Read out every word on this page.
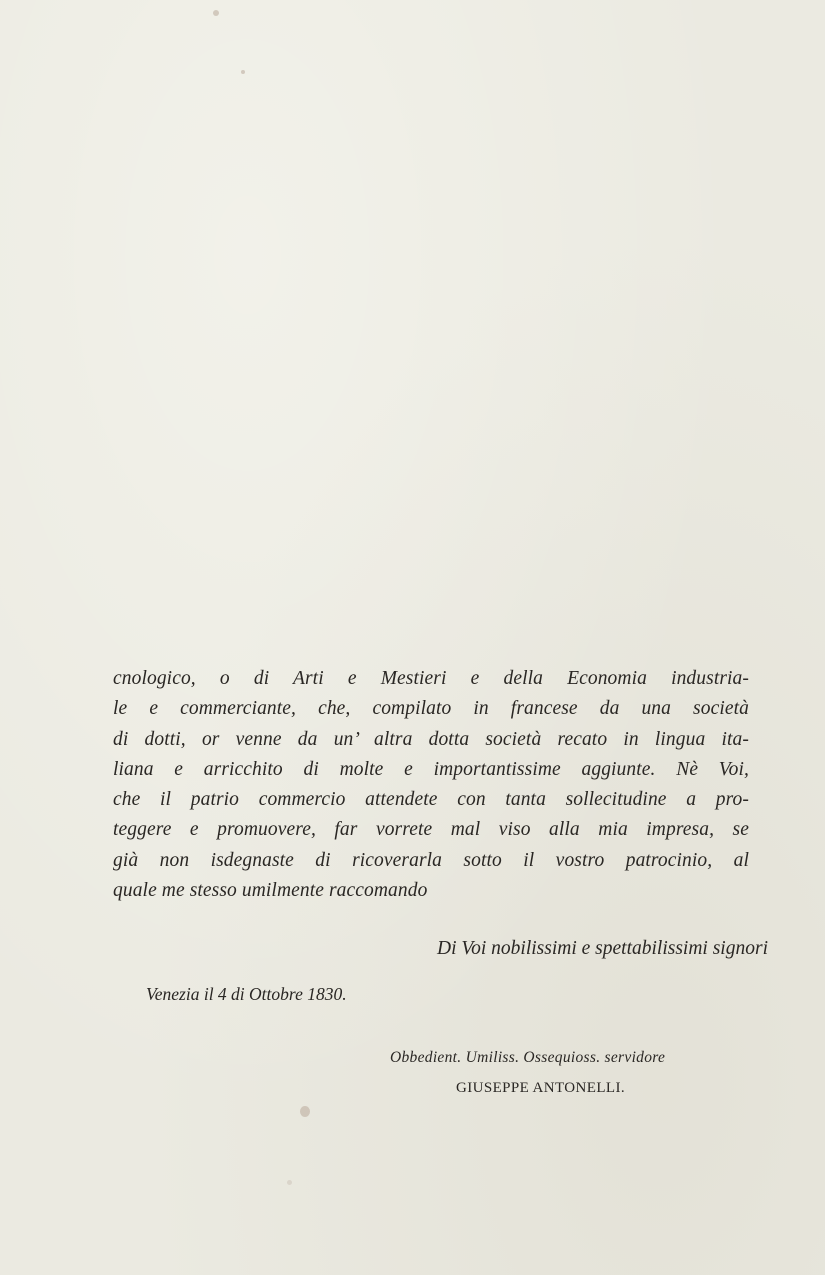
cnologico, o di Arti e Mestieri e della Economia industria-
le e commerciante, che, compilato in francese da una società
di dotti, or venne da un’ altra dotta società recato in lingua ita-
liana e arricchito di molte e importantissime aggiunte. Nè Voi,
che il patrio commercio attendete con tanta sollecitudine a pro-
teggere e promuovere, far vorrete mal viso alla mia impresa, se
già non isdegnaste di ricoverarla sotto il vostro patrocinio, al
quale me stesso umilmente raccomando
Di Voi nobilissimi e spettabilissimi signori
Venezia il 4 di Ottobre 1830.
Obbedient. Umiliss. Ossequioss. servidore
GIUSEPPE ANTONELLI.
